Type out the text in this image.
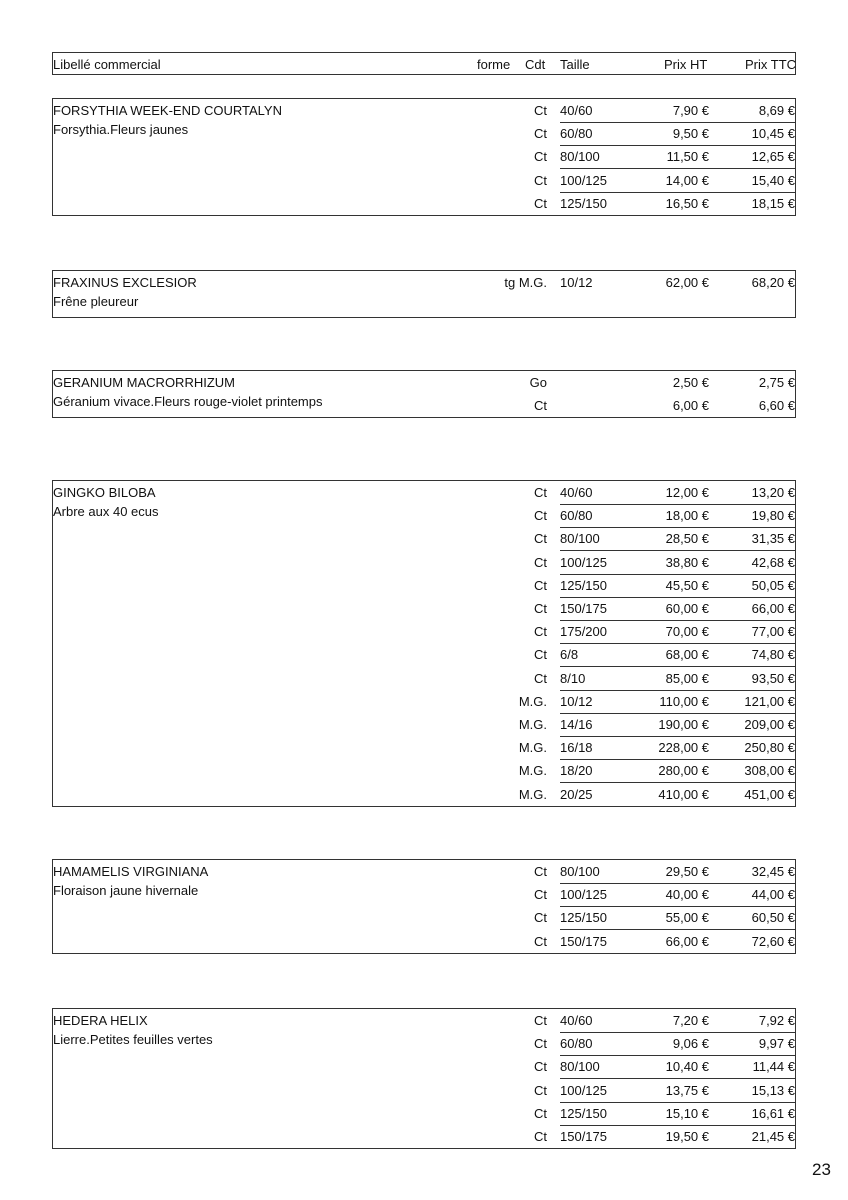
Libellé commercial	forme Cdt Taille	Prix HT	Prix TTC
FORSYTHIA WEEK-END COURTALYN
Forsythia.Fleurs jaunes
Ct 40/60	7,90 €	8,69 €
Ct 60/80	9,50 €	10,45 €
Ct 80/100	11,50 €	12,65 €
Ct 100/125	14,00 €	15,40 €
Ct 125/150	16,50 €	18,15 €
FRAXINUS EXCLESIOR
Frêne pleureur
tg M.G. 10/12	62,00 €	68,20 €
GERANIUM MACRORRHIZUM
Géranium vivace.Fleurs rouge-violet printemps
Go	2,50 €	2,75 €
Ct	6,00 €	6,60 €
GINGKO BILOBA
Arbre aux 40 ecus
Ct 40/60	12,00 €	13,20 €
Ct 60/80	18,00 €	19,80 €
Ct 80/100	28,50 €	31,35 €
Ct 100/125	38,80 €	42,68 €
Ct 125/150	45,50 €	50,05 €
Ct 150/175	60,00 €	66,00 €
Ct 175/200	70,00 €	77,00 €
Ct 6/8	68,00 €	74,80 €
Ct 8/10	85,00 €	93,50 €
M.G. 10/12	110,00 €	121,00 €
M.G. 14/16	190,00 €	209,00 €
M.G. 16/18	228,00 €	250,80 €
M.G. 18/20	280,00 €	308,00 €
M.G. 20/25	410,00 €	451,00 €
HAMAMELIS VIRGINIANA
Floraison jaune hivernale
Ct 80/100	29,50 €	32,45 €
Ct 100/125	40,00 €	44,00 €
Ct 125/150	55,00 €	60,50 €
Ct 150/175	66,00 €	72,60 €
HEDERA HELIX
Lierre.Petites feuilles vertes
Ct 40/60	7,20 €	7,92 €
Ct 60/80	9,06 €	9,97 €
Ct 80/100	10,40 €	11,44 €
Ct 100/125	13,75 €	15,13 €
Ct 125/150	15,10 €	16,61 €
Ct 150/175	19,50 €	21,45 €
23
